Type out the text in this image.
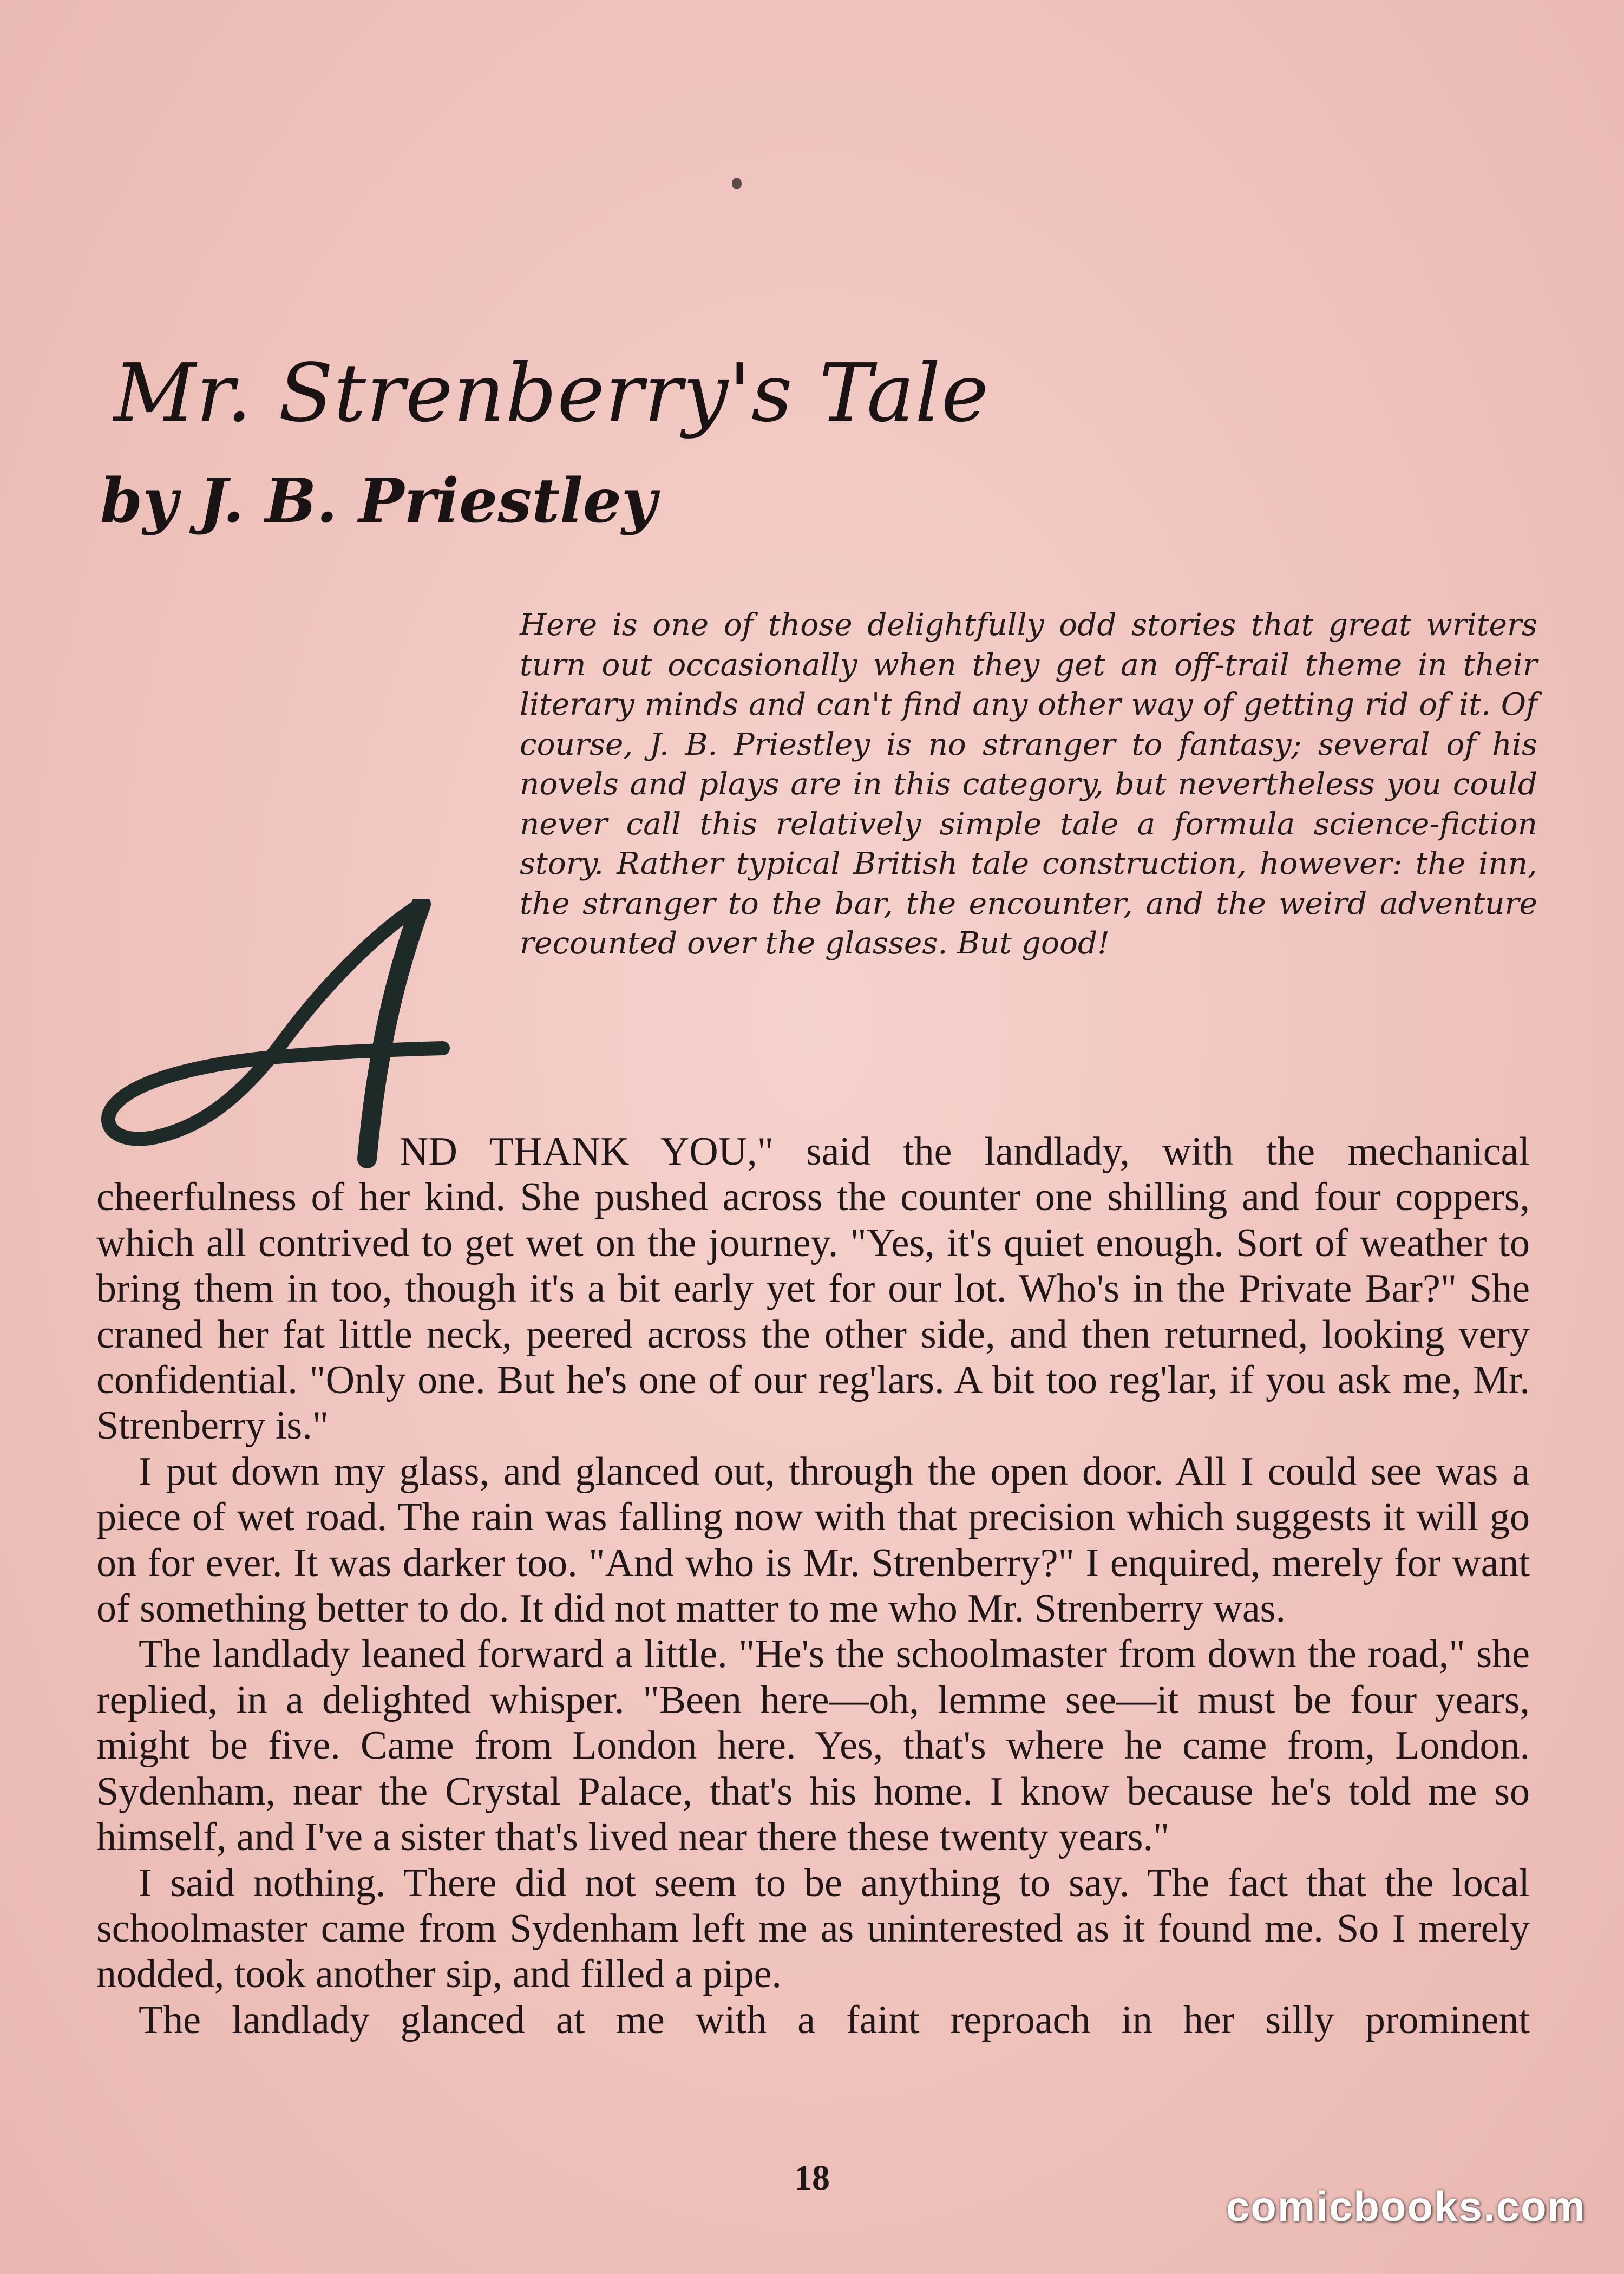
Mr. Strenberry's Tale
by J. B. Priestley
Here is one of those delightfully odd stories that great writers turn out occasionally when they get an off-trail theme in their literary minds and can't find any other way of getting rid of it. Of course, J. B. Priestley is no stranger to fantasy; several of his novels and plays are in this category, but nevertheless you could never call this relatively simple tale a formula science-fiction story. Rather typical British tale construction, however: the inn, the stranger to the bar, the encounter, and the weird adventure recounted over the glasses. But good!

ND THANK YOU," said the landlady, with the mechanical cheerfulness of her kind. She pushed across the counter one shilling and four coppers, which all contrived to get wet on the journey. "Yes, it's quiet enough. Sort of weather to bring them in too, though it's a bit early yet for our lot. Who's in the Private Bar?" She craned her fat little neck, peered across the other side, and then returned, looking very confidential. "Only one. But he's one of our reg'lars. A bit too reg'lar, if you ask me, Mr. Strenberry is."

I put down my glass, and glanced out, through the open door. All I could see was a piece of wet road. The rain was falling now with that precision which suggests it will go on for ever. It was darker too. "And who is Mr. Strenberry?" I enquired, merely for want of something better to do. It did not matter to me who Mr. Strenberry was.

The landlady leaned forward a little. "He's the schoolmaster from down the road," she replied, in a delighted whisper. "Been here—oh, lemme see—it must be four years, might be five. Came from London here. Yes, that's where he came from, London. Sydenham, near the Crystal Palace, that's his home. I know because he's told me so himself, and I've a sister that's lived near there these twenty years."

I said nothing. There did not seem to be anything to say. The fact that the local schoolmaster came from Sydenham left me as uninterested as it found me. So I merely nodded, took another sip, and filled a pipe.

The landlady glanced at me with a faint reproach in her silly prominent

18
comicbooks.com
